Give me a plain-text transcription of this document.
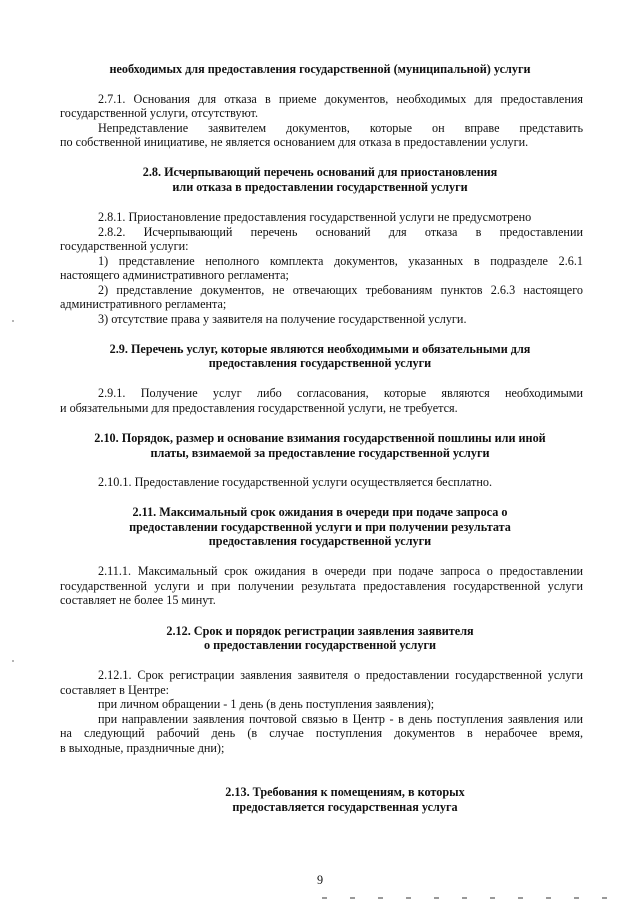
необходимых для предоставления государственной (муниципальной) услуги
2.7.1. Основания для отказа в приеме документов, необходимых для предоставления
государственной услуги, отсутствуют.
Непредставление заявителем документов, которые он вправе представить
по собственной инициативе, не является основанием для отказа в предоставлении услуги.
2.8. Исчерпывающий перечень оснований для приостановления
или отказа в предоставлении государственной услуги
2.8.1. Приостановление предоставления государственной услуги не предусмотрено
2.8.2. Исчерпывающий перечень оснований для отказа в предоставлении
государственной услуги:
1) представление неполного комплекта документов, указанных в подразделе 2.6.1
настоящего административного регламента;
2) представление документов, не отвечающих требованиям пунктов 2.6.3 настоящего
административного регламента;
3) отсутствие права у заявителя на получение государственной услуги.
2.9. Перечень услуг, которые являются необходимыми и обязательными для
предоставления государственной услуги
2.9.1. Получение услуг либо согласования, которые являются необходимыми
и обязательными для предоставления государственной услуги, не требуется.
2.10. Порядок, размер и основание взимания государственной пошлины или иной
платы, взимаемой за предоставление государственной услуги
2.10.1. Предоставление государственной услуги осуществляется бесплатно.
2.11. Максимальный срок ожидания в очереди при подаче запроса о
предоставлении государственной услуги и при получении результата
предоставления государственной услуги
2.11.1. Максимальный срок ожидания в очереди при подаче запроса о предоставлении
государственной услуги и при получении результата предоставления государственной услуги
составляет не более 15 минут.
2.12. Срок и порядок регистрации заявления заявителя
о предоставлении государственной услуги
2.12.1. Срок регистрации заявления заявителя о предоставлении государственной услуги
составляет в Центре:
при личном обращении - 1 день (в день поступления заявления);
при направлении заявления почтовой связью в Центр - в день поступления заявления или
на следующий рабочий день (в случае поступления документов в нерабочее время,
в выходные, праздничные дни);
2.13. Требования к помещениям, в которых
предоставляется государственная услуга
9
